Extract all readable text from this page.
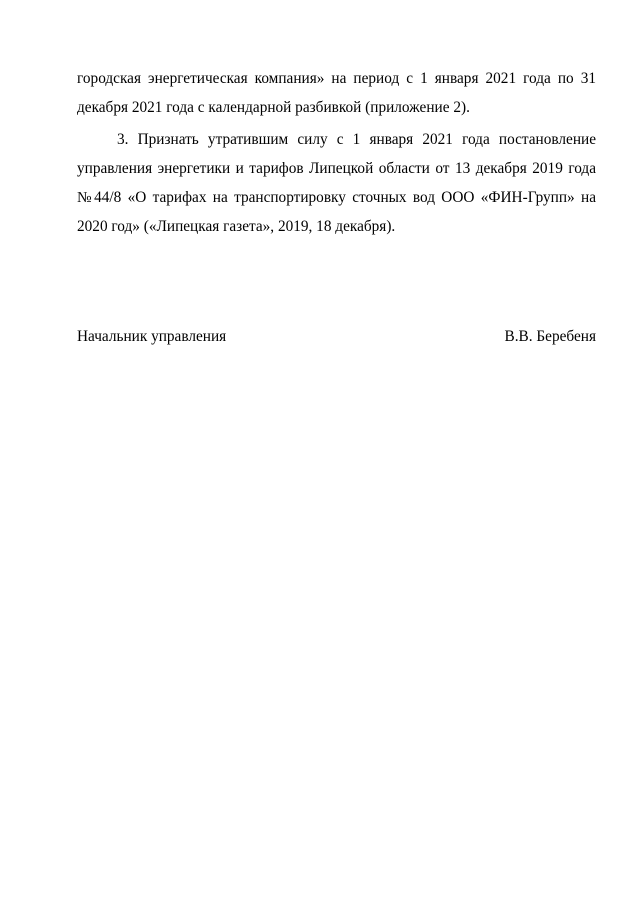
городская энергетическая компания» на период с 1 января 2021 года по 31 декабря 2021 года с календарной разбивкой (приложение 2).

3. Признать утратившим силу с 1 января 2021 года постановление управления энергетики и тарифов Липецкой области от 13 декабря 2019 года №44/8 «О тарифах на транспортировку сточных вод ООО «ФИН-Групп» на 2020 год» («Липецкая газета», 2019, 18 декабря).

Начальник управления	В.В. Беребеня
